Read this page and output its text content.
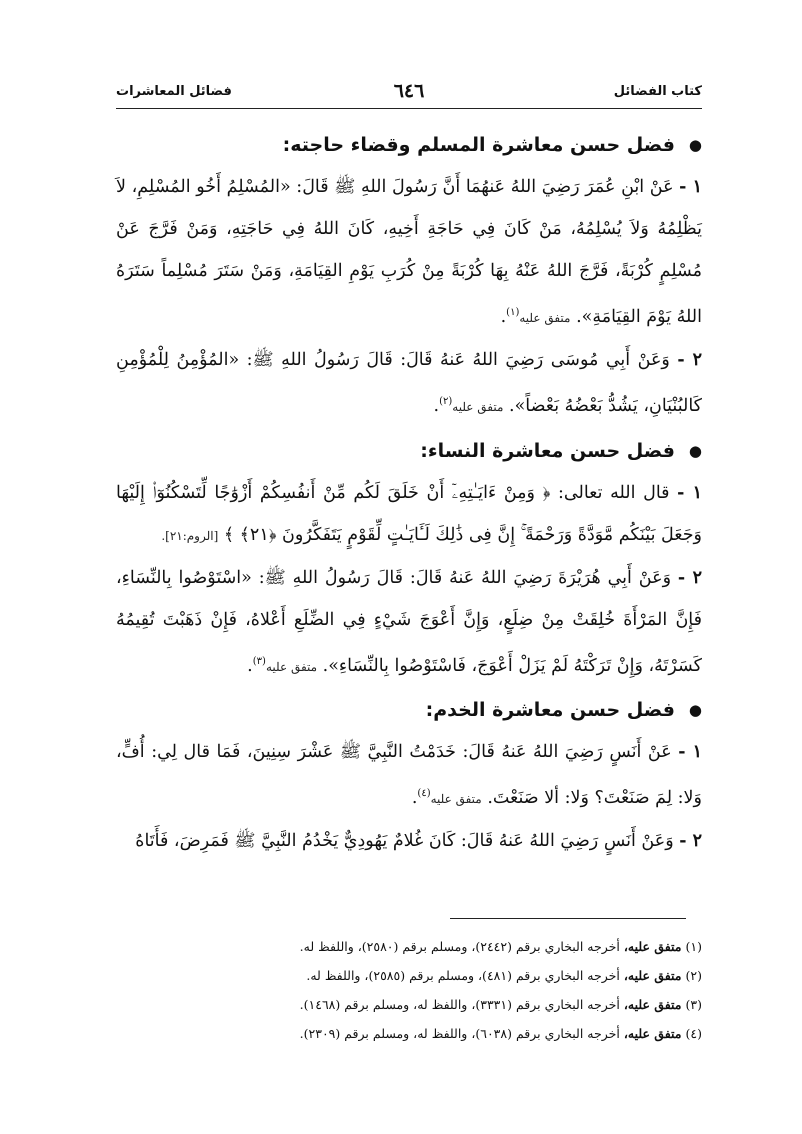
كتاب الفضائل
٦٤٦
فضائل المعاشرات
●
فضل حسن معاشرة المسلم وقضاء حاجته:

١ - عَنْ ابْنِ عُمَرَ رَضِيَ اللهُ عَنهُمَا أَنَّ رَسُولَ اللهِ ﷺ قَالَ: «المُسْلِمُ أَخُو المُسْلِمِ، لاَ يَظْلِمُهُ وَلاَ يُسْلِمُهُ، مَنْ كَانَ فِي حَاجَةِ أَخِيهِ، كَانَ اللهُ فِي حَاجَتِهِ، وَمَنْ فَرَّجَ عَنْ مُسْلِمٍ كُرْبَةً، فَرَّجَ اللهُ عَنْهُ بِهَا كُرْبَةً مِنْ كُرَبِ يَوْمِ القِيَامَةِ، وَمَنْ سَتَرَ مُسْلِماً سَتَرَهُ اللهُ يَوْمَ القِيَامَةِ». متفق عليه$^{(١)}$.

٢ - وَعَنْ أَبِي مُوسَى رَضِيَ اللهُ عَنهُ قَالَ: قَالَ رَسُولُ اللهِ ﷺ: «المُؤْمِنُ لِلْمُؤْمِنِ كَالبُنْيَانِ، يَشُدُّ بَعْضُهُ بَعْضاً». متفق عليه$^{(٢)}$.

●
فضل حسن معاشرة النساء:

١ - قال الله تعالى: ﴿ وَمِنْ ءَايَـٰتِهِۦٓ أَنْ خَلَقَ لَكُم مِّنْ أَنفُسِكُمْ أَزْوَٰجًا لِّتَسْكُنُوٓا۟ إِلَيْهَا وَجَعَلَ بَيْنَكُم مَّوَدَّةً وَرَحْمَةً ۚ إِنَّ فِى ذَٰلِكَ لَـَٔايَـٰتٍ لِّقَوْمٍ يَتَفَكَّرُونَ ﴿٢١﴾ ﴾ [الروم:٢١].

٢ - وَعَنْ أَبِي هُرَيْرَةَ رَضِيَ اللهُ عَنهُ قَالَ: قَالَ رَسُولُ اللهِ ﷺ: «اسْتَوْصُوا بِالنِّسَاءِ، فَإِنَّ المَرْأَةَ خُلِقَتْ مِنْ ضِلَعٍ، وَإِنَّ أَعْوَجَ شَيْءٍ فِي الضِّلَعِ أَعْلاهُ، فَإِنْ ذَهَبْتَ تُقِيمُهُ كَسَرْتَهُ، وَإِنْ تَرَكْتَهُ لَمْ يَزَلْ أَعْوَجَ، فَاسْتَوْصُوا بِالنِّسَاءِ». متفق عليه$^{(٣)}$.

●
فضل حسن معاشرة الخدم:

١ - عَنْ أَنَسٍ رَضِيَ اللهُ عَنهُ قَالَ: خَدَمْتُ النَّبِيَّ ﷺ عَشْرَ سِنِينَ، فَمَا قال لِي: أُفٍّ، وَلا: لِمَ صَنَعْتَ؟ وَلا: ألا صَنَعْتَ. متفق عليه$^{(٤)}$.

٢ - وَعَنْ أَنَسٍ رَضِيَ اللهُ عَنهُ قَالَ: كَانَ غُلامٌ يَهُودِيٌّ يَخْدُمُ النَّبِيَّ ﷺ فَمَرِضَ، فَأَتَاهُ

(١) متفق عليه، أخرجه البخاري برقم (٢٤٤٢)، ومسلم برقم (٢٥٨٠)، واللفظ له.
(٢) متفق عليه، أخرجه البخاري برقم (٤٨١)، ومسلم برقم (٢٥٨٥)، واللفظ له.
(٣) متفق عليه، أخرجه البخاري برقم (٣٣٣١)، واللفظ له، ومسلم برقم (١٤٦٨).
(٤) متفق عليه، أخرجه البخاري برقم (٦٠٣٨)، واللفظ له، ومسلم برقم (٢٣٠٩).
